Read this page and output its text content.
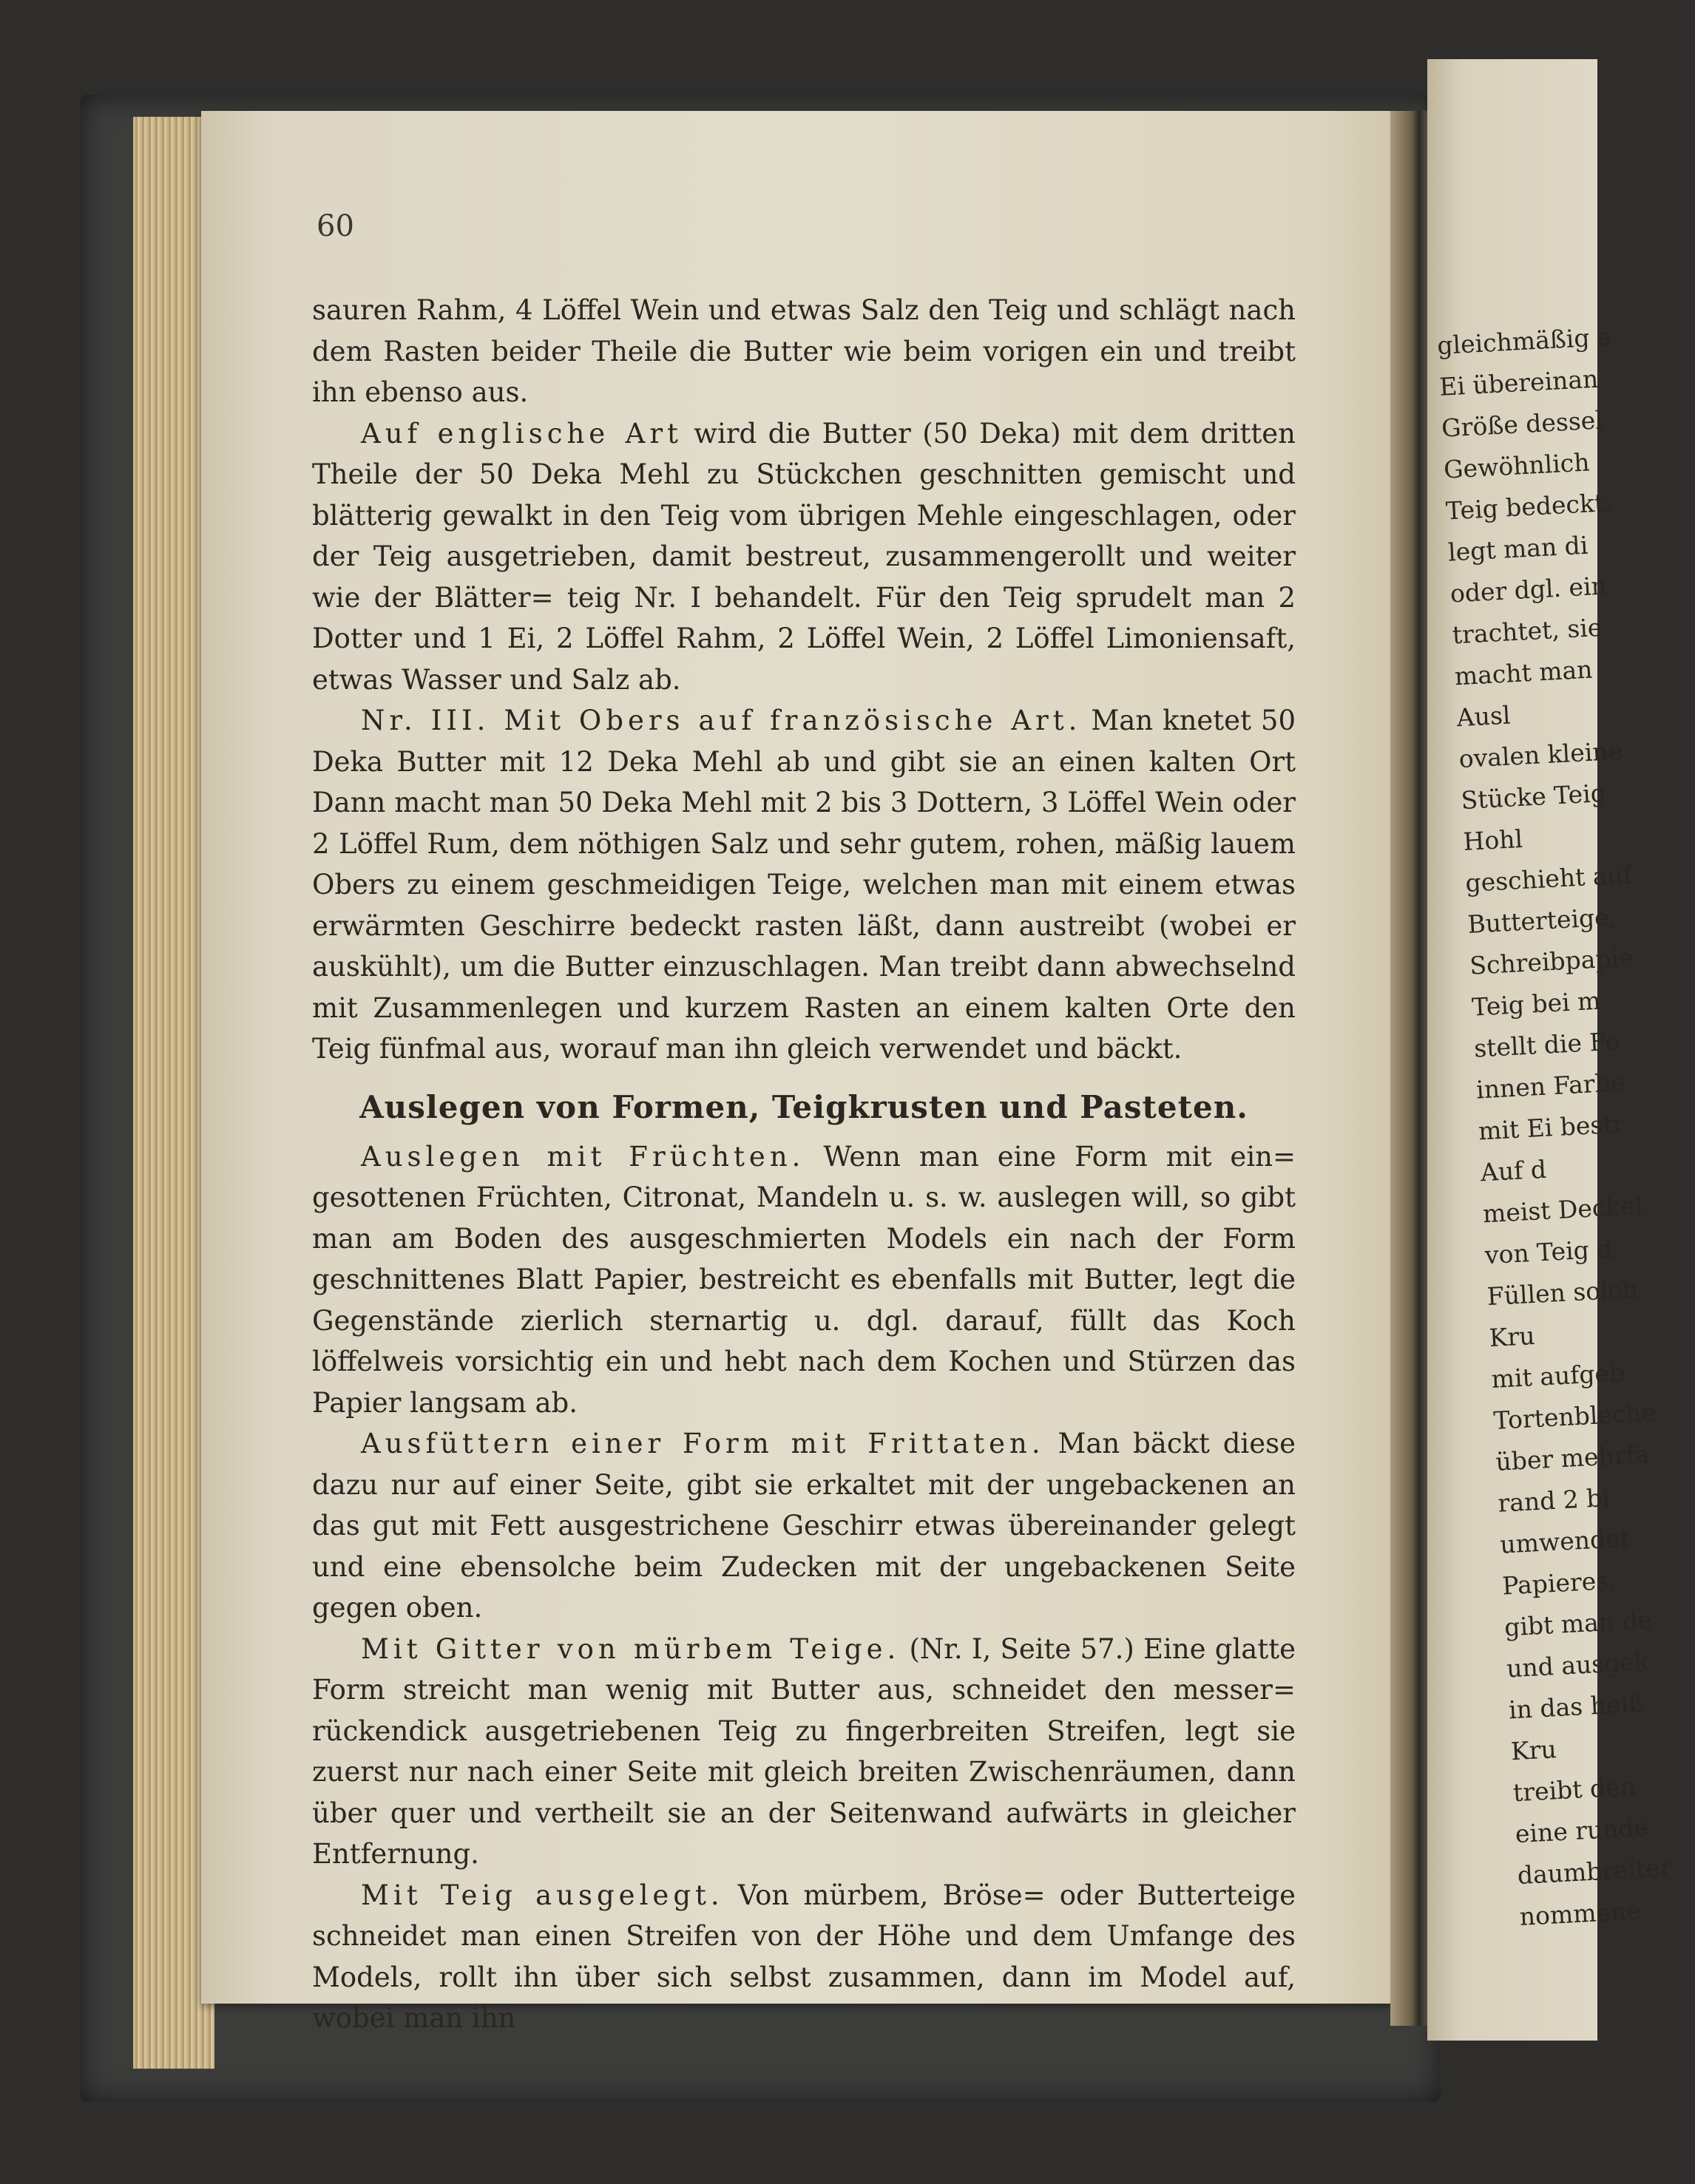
gleichmäßig a
Ei übereinan
Größe dessel
Gewöhnlich
Teig bedeckt.
legt man di
oder dgl. ein
trachtet, sie
macht man
Ausl
ovalen kleine
Stücke Teig
Hohl
geschieht auf
Butterteige,
Schreibpapie
Teig bei m
stellt die Fo
innen Farbe
mit Ei bestr
Auf d
meist Deckel
von Teig d
Füllen solch
Kru
mit aufgeb
Tortenbleche
über mehrfa
rand 2 bi
umwendet
Papieres,
gibt man de
und ausgek
in das heiß
Kru
treibt den
eine runde
daumbreiter
nommene
60

sauren Rahm, 4 Löffel Wein und etwas Salz den Teig und schlägt nach dem Rasten beider Theile die Butter wie beim vorigen ein und treibt ihn ebenso aus.

Auf englische Art wird die Butter (50 Deka) mit dem dritten Theile der 50 Deka Mehl zu Stückchen geschnitten gemischt und blätterig gewalkt in den Teig vom übrigen Mehle eingeschlagen, oder der Teig ausgetrieben, damit bestreut, zusammengerollt und weiter wie der Blätter= teig Nr. I behandelt. Für den Teig sprudelt man 2 Dotter und 1 Ei, 2 Löffel Rahm, 2 Löffel Wein, 2 Löffel Limoniensaft, etwas Wasser und Salz ab.

Nr. III. Mit Obers auf französische Art. Man knetet 50 Deka Butter mit 12 Deka Mehl ab und gibt sie an einen kalten Ort Dann macht man 50 Deka Mehl mit 2 bis 3 Dottern, 3 Löffel Wein oder 2 Löffel Rum, dem nöthigen Salz und sehr gutem, rohen, mäßig lauem Obers zu einem geschmeidigen Teige, welchen man mit einem etwas erwärmten Geschirre bedeckt rasten läßt, dann austreibt (wobei er auskühlt), um die Butter einzuschlagen. Man treibt dann abwechselnd mit Zusammenlegen und kurzem Rasten an einem kalten Orte den Teig fünfmal aus, worauf man ihn gleich verwendet und bäckt.

Auslegen von Formen, Teigkrusten und Pasteten.

Auslegen mit Früchten. Wenn man eine Form mit ein= gesottenen Früchten, Citronat, Mandeln u. s. w. auslegen will, so gibt man am Boden des ausgeschmierten Models ein nach der Form geschnittenes Blatt Papier, bestreicht es ebenfalls mit Butter, legt die Gegenstände zierlich sternartig u. dgl. darauf, füllt das Koch löffelweis vorsichtig ein und hebt nach dem Kochen und Stürzen das Papier langsam ab.

Ausfüttern einer Form mit Frittaten. Man bäckt diese dazu nur auf einer Seite, gibt sie erkaltet mit der ungebackenen an das gut mit Fett ausgestrichene Geschirr etwas übereinander gelegt und eine ebensolche beim Zudecken mit der ungebackenen Seite gegen oben.

Mit Gitter von mürbem Teige. (Nr. I, Seite 57.) Eine glatte Form streicht man wenig mit Butter aus, schneidet den messer= rückendick ausgetriebenen Teig zu fingerbreiten Streifen, legt sie zuerst nur nach einer Seite mit gleich breiten Zwischenräumen, dann über quer und vertheilt sie an der Seitenwand aufwärts in gleicher Entfernung.

Mit Teig ausgelegt. Von mürbem, Bröse= oder Butterteige schneidet man einen Streifen von der Höhe und dem Umfange des Models, rollt ihn über sich selbst zusammen, dann im Model auf, wobei man ihn
